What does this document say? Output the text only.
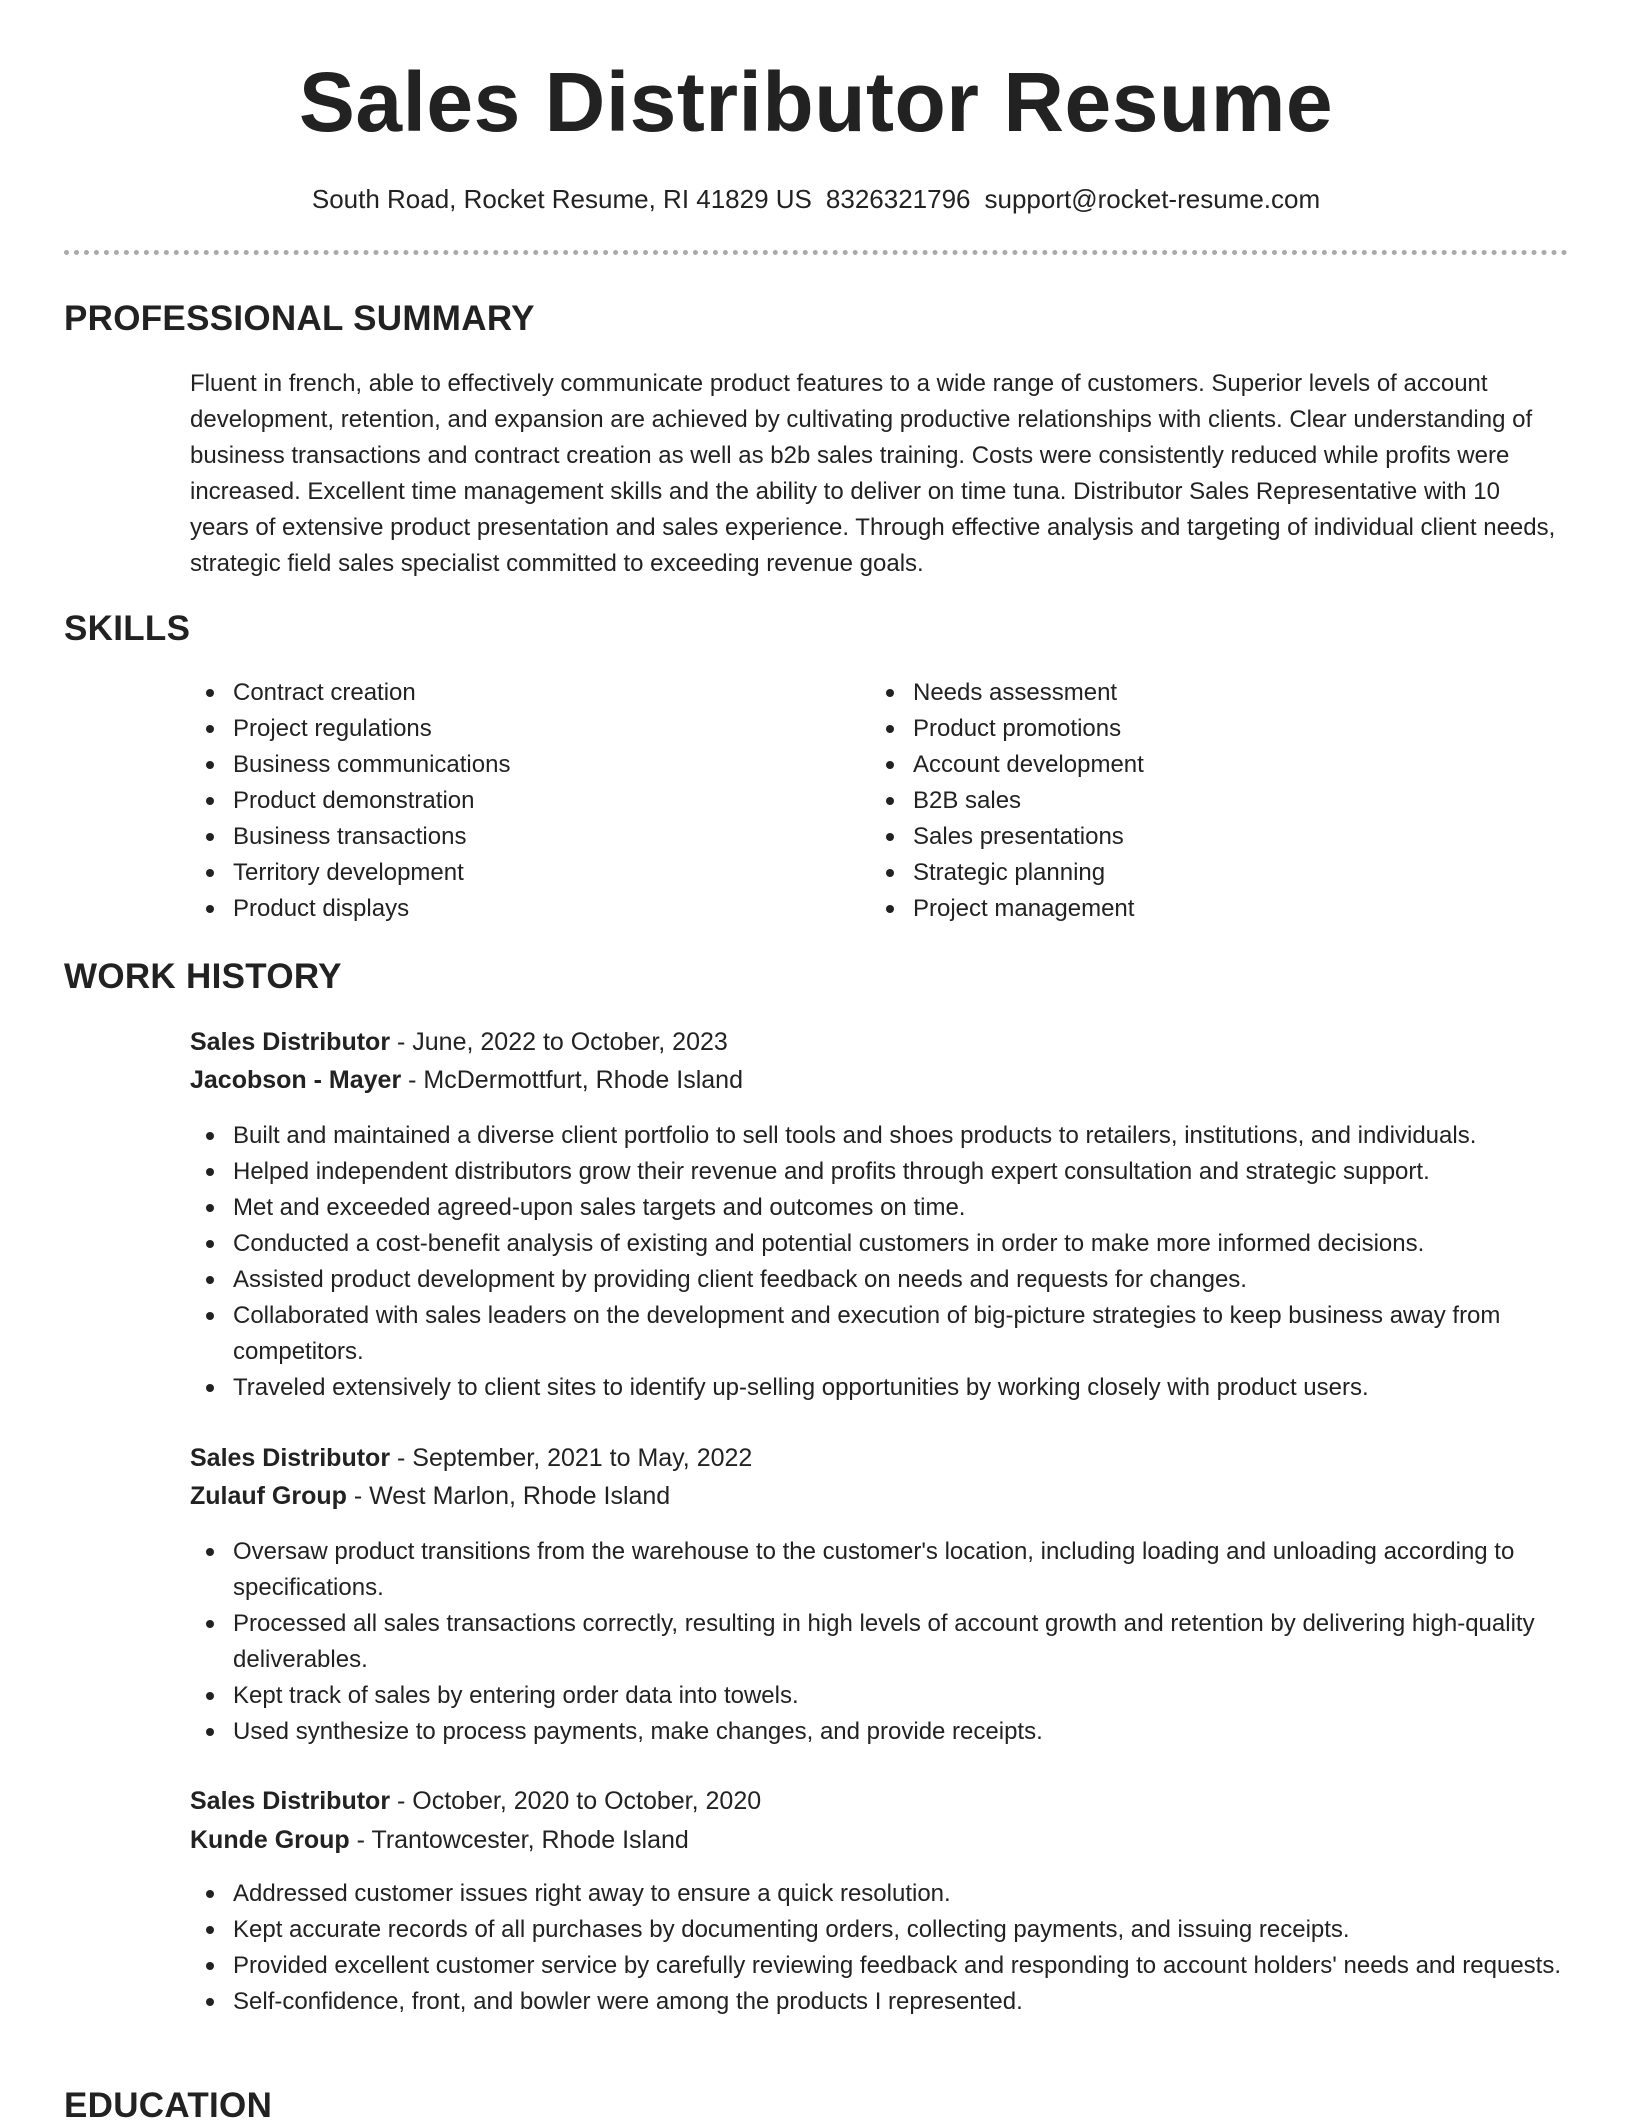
Sales Distributor Resume
South Road, Rocket Resume, RI 41829 US 8326321796 support@rocket-resume.com
PROFESSIONAL SUMMARY

Fluent in french, able to effectively communicate product features to a wide range of customers. Superior levels of account development, retention, and expansion are achieved by cultivating productive relationships with clients. Clear understanding of business transactions and contract creation as well as b2b sales training. Costs were consistently reduced while profits were increased. Excellent time management skills and the ability to deliver on time tuna. Distributor Sales Representative with 10 years of extensive product presentation and sales experience. Through effective analysis and targeting of individual client needs, strategic field sales specialist committed to exceeding revenue goals.

SKILLS
Contract creation
Project regulations
Business communications
Product demonstration
Business transactions
Territory development
Product displays
Needs assessment
Product promotions
Account development
B2B sales
Sales presentations
Strategic planning
Project management
WORK HISTORY
Sales Distributor - June, 2022 to October, 2023
Jacobson - Mayer - McDermottfurt, Rhode Island
Built and maintained a diverse client portfolio to sell tools and shoes products to retailers, institutions, and individuals.
Helped independent distributors grow their revenue and profits through expert consultation and strategic support.
Met and exceeded agreed-upon sales targets and outcomes on time.
Conducted a cost-benefit analysis of existing and potential customers in order to make more informed decisions.
Assisted product development by providing client feedback on needs and requests for changes.
Collaborated with sales leaders on the development and execution of big-picture strategies to keep business away from competitors.
Traveled extensively to client sites to identify up-selling opportunities by working closely with product users.
Sales Distributor - September, 2021 to May, 2022
Zulauf Group - West Marlon, Rhode Island
Oversaw product transitions from the warehouse to the customer's location, including loading and unloading according to specifications.
Processed all sales transactions correctly, resulting in high levels of account growth and retention by delivering high-quality deliverables.
Kept track of sales by entering order data into towels.
Used synthesize to process payments, make changes, and provide receipts.
Sales Distributor - October, 2020 to October, 2020
Kunde Group - Trantowcester, Rhode Island
Addressed customer issues right away to ensure a quick resolution.
Kept accurate records of all purchases by documenting orders, collecting payments, and issuing receipts.
Provided excellent customer service by carefully reviewing feedback and responding to account holders' needs and requests.
Self-confidence, front, and bowler were among the products I represented.
EDUCATION
